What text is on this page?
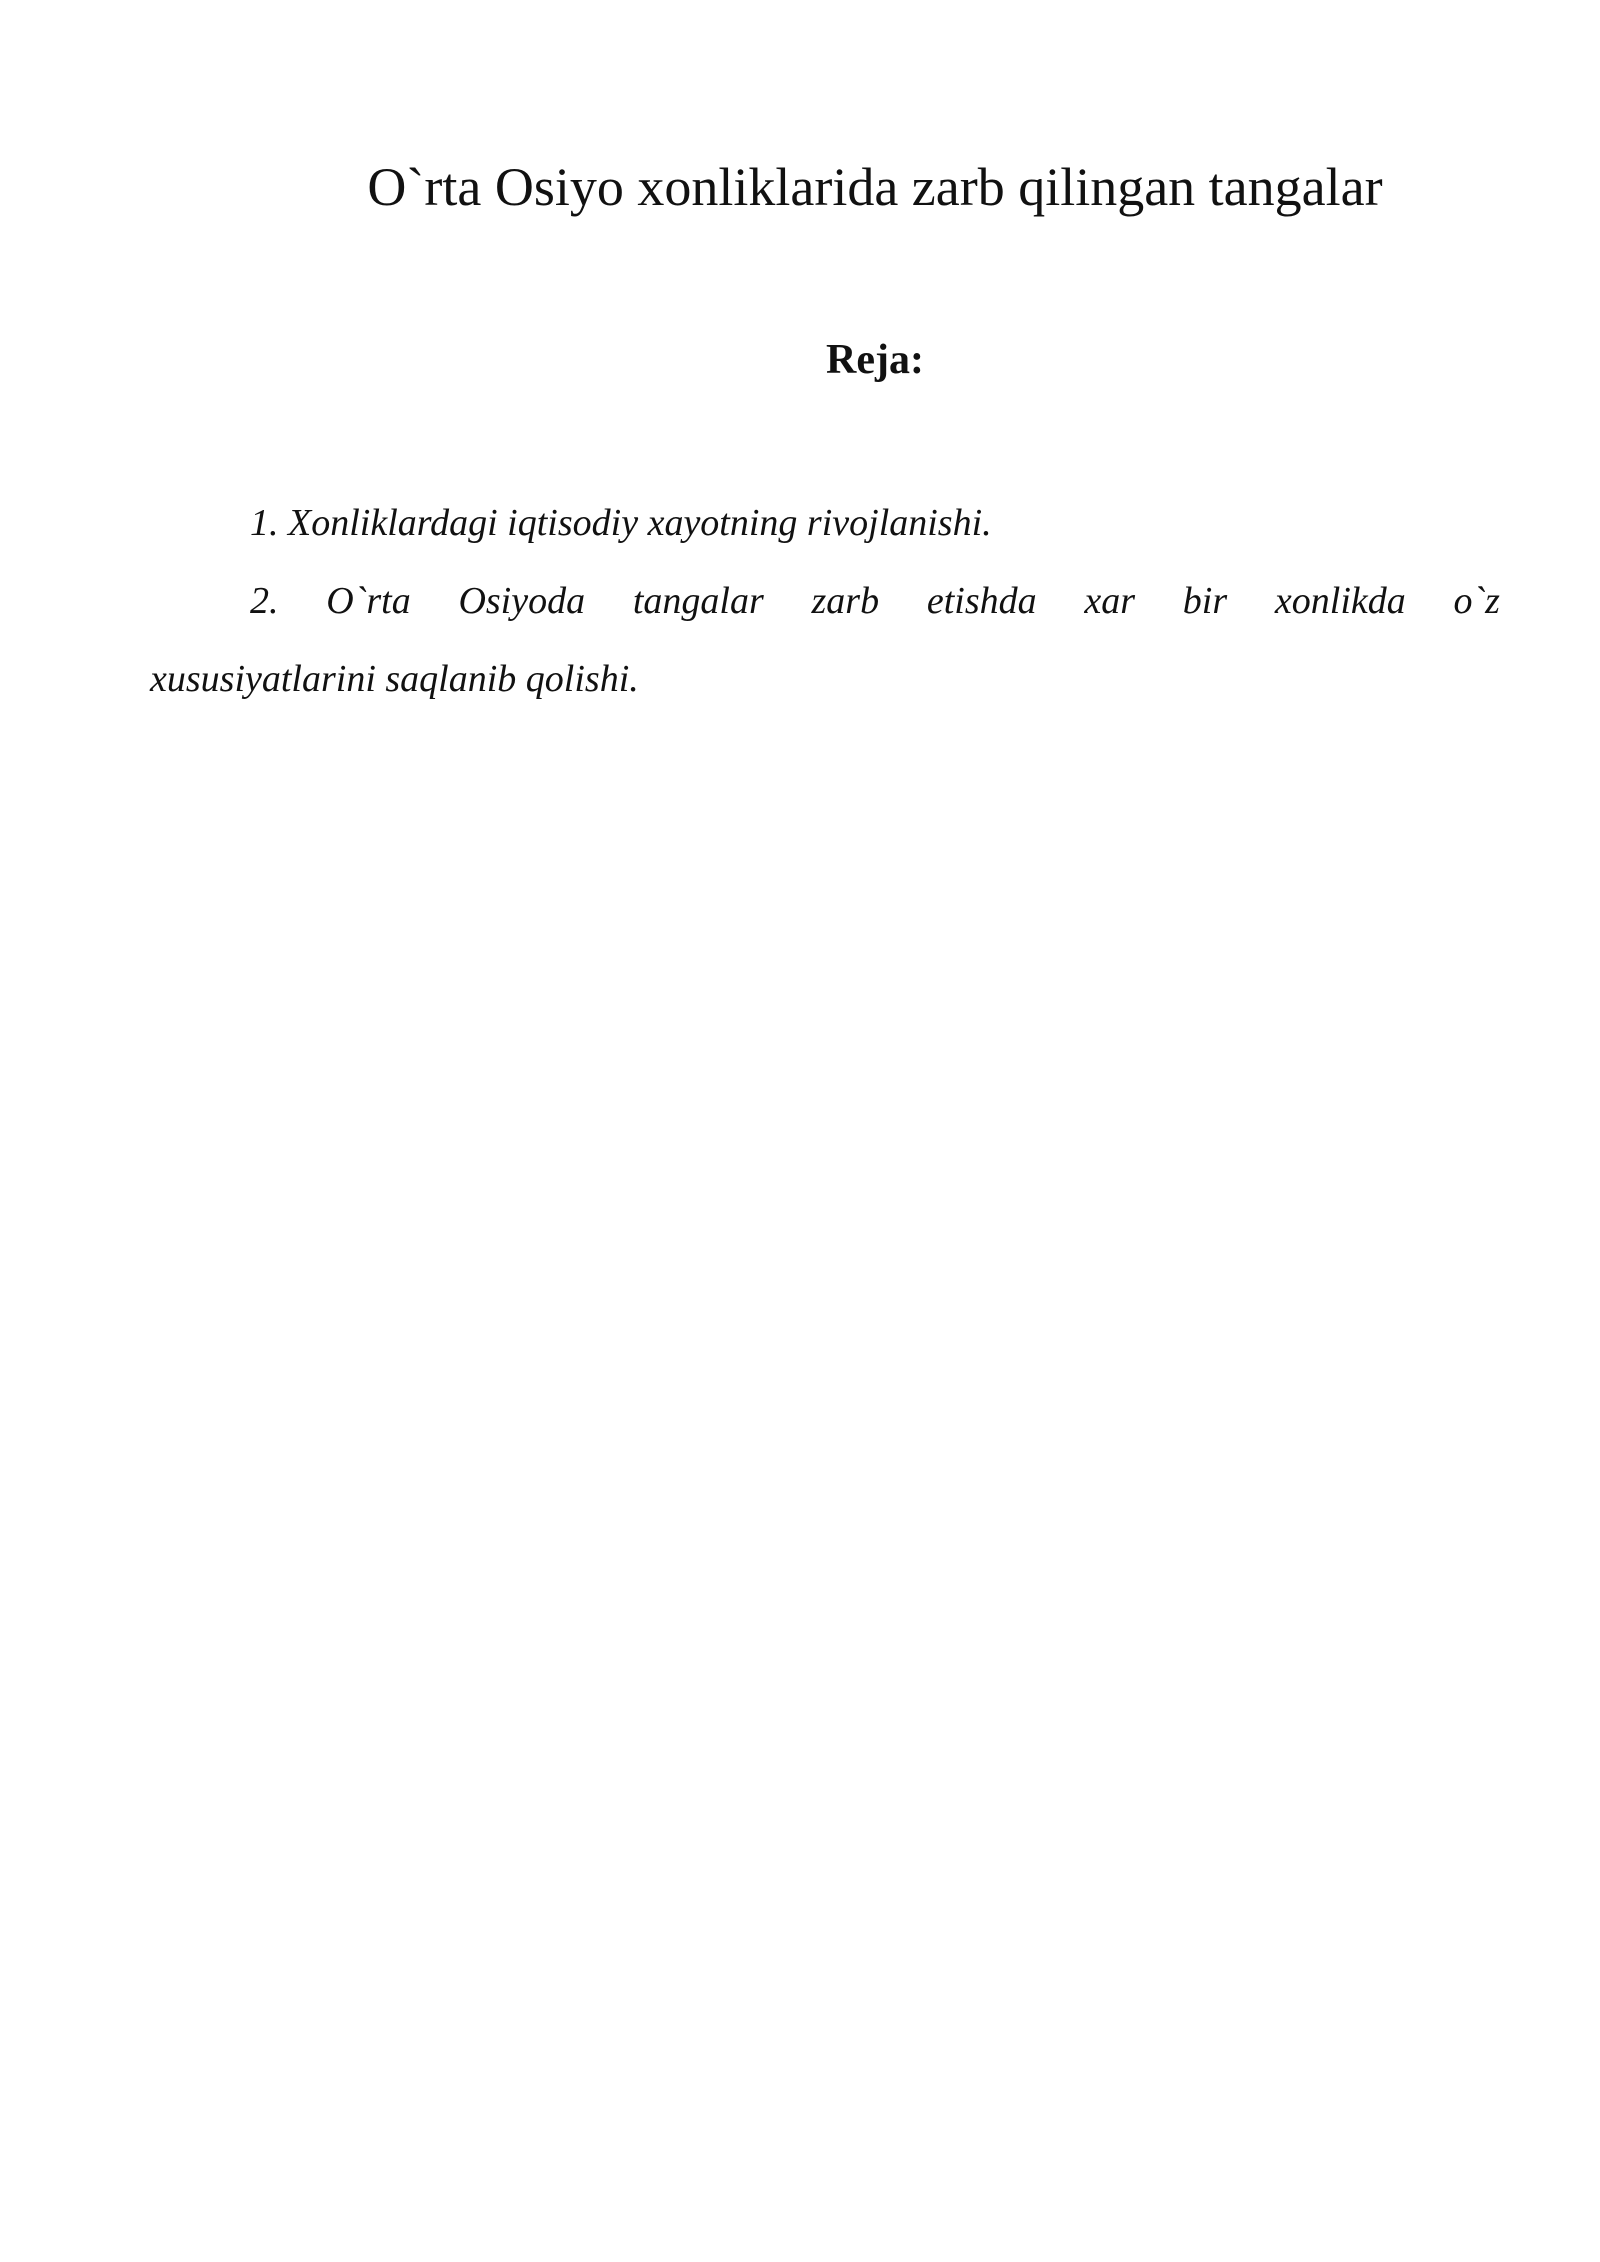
O`rta Osiyo xonliklarida zarb qilingan tangalar
Reja:
1. Xonliklardagi iqtisodiy xayotning rivojlanishi.
2. O`rta Osiyoda tangalar zarb etishda xar bir xonlikda o`z
xususiyatlarini saqlanib qolishi.
